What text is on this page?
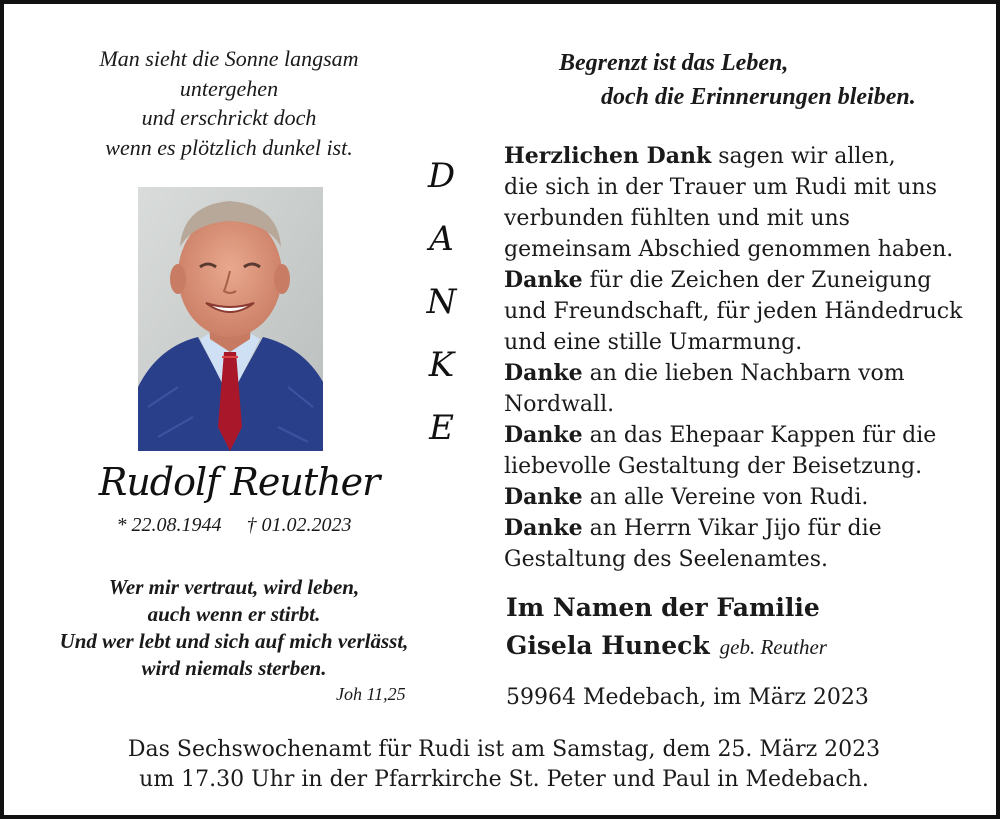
Man sieht die Sonne langsam
untergehen
und erschrickt doch
wenn es plötzlich dunkel ist.
Begrenzt ist das Leben,
doch die Erinnerungen bleiben.
D
A
N
K
E
Rudolf Reuther
* 22.08.1944 † 01.02.2023
Wer mir vertraut, wird leben,
auch wenn er stirbt.
Und wer lebt und sich auf mich verlässt,
wird niemals sterben.
Joh 11,25

Herzlichen Dank sagen wir allen,

die sich in der Trauer um Rudi mit uns

verbunden fühlten und mit uns

gemeinsam Abschied genommen haben.

Danke für die Zeichen der Zuneigung

und Freundschaft, für jeden Händedruck

und eine stille Umarmung.

Danke an die lieben Nachbarn vom

Nordwall.

Danke an das Ehepaar Kappen für die

liebevolle Gestaltung der Beisetzung.

Danke an alle Vereine von Rudi.

Danke an Herrn Vikar Jijo für die

Gestaltung des Seelenamtes.

Im Namen der Familie
Gisela Huneck geb. Reuther
59964 Medebach, im März 2023
Das Sechswochenamt für Rudi ist am Samstag, dem 25. März 2023
um 17.30 Uhr in der Pfarrkirche St. Peter und Paul in Medebach.
